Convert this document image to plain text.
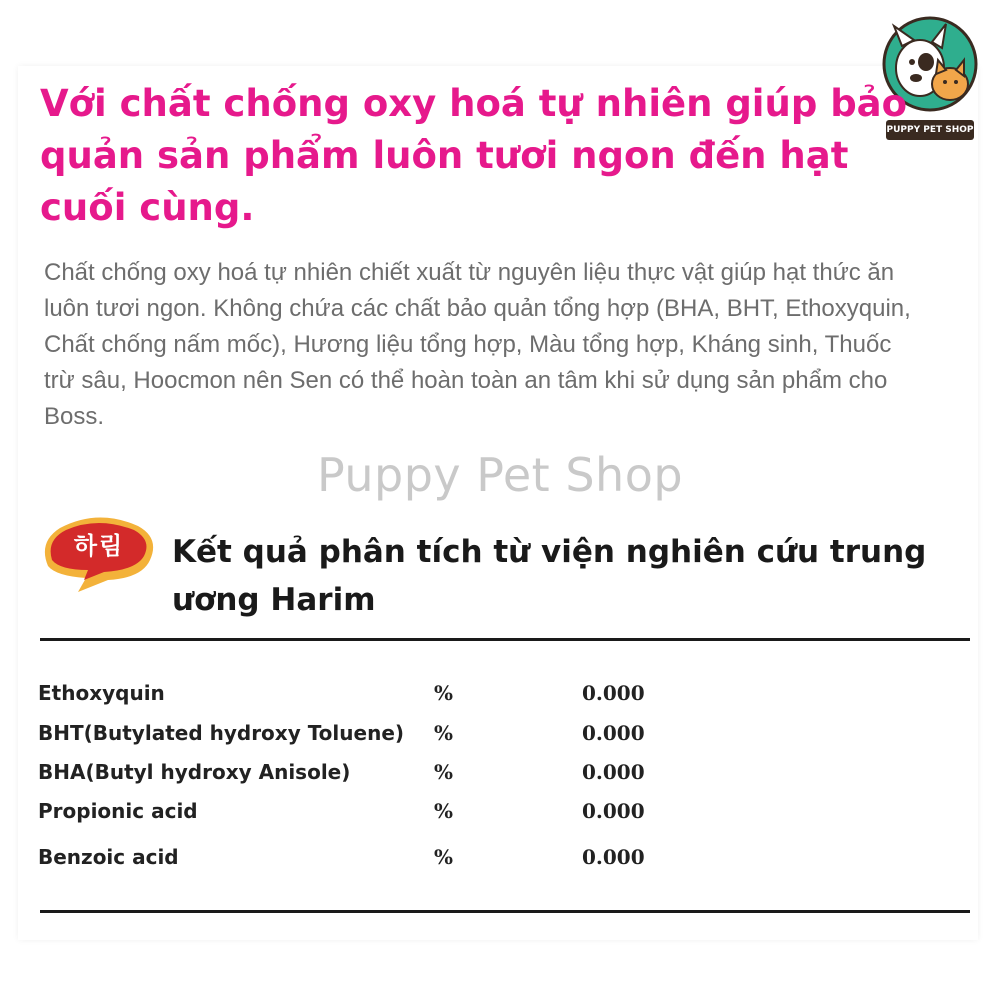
PUPPY PET SHOP

Với chất chống oxy hoá tự nhiên giúp bảo quản sản phẩm luôn tươi ngon đến hạt cuối cùng.

Chất chống oxy hoá tự nhiên chiết xuất từ nguyên liệu thực vật giúp hạt thức ăn luôn tươi ngon. Không chứa các chất bảo quản tổng hợp (BHA, BHT, Ethoxyquin, Chất chống nấm mốc), Hương liệu tổng hợp, Màu tổng hợp, Kháng sinh, Thuốc trừ sâu, Hoocmon nên Sen có thể hoàn toàn an tâm khi sử dụng sản phẩm cho Boss.

Puppy Pet Shop
하림	Kết quả phân tích từ viện nghiên cứu trung ương Harim
Ethoxyquin	%	0.000
BHT(Butylated hydroxy Toluene) %	0.000
BHA(Butyl hydroxy Anisole)	%	0.000
Propionic acid	%	0.000
Benzoic acid	%	0.000
